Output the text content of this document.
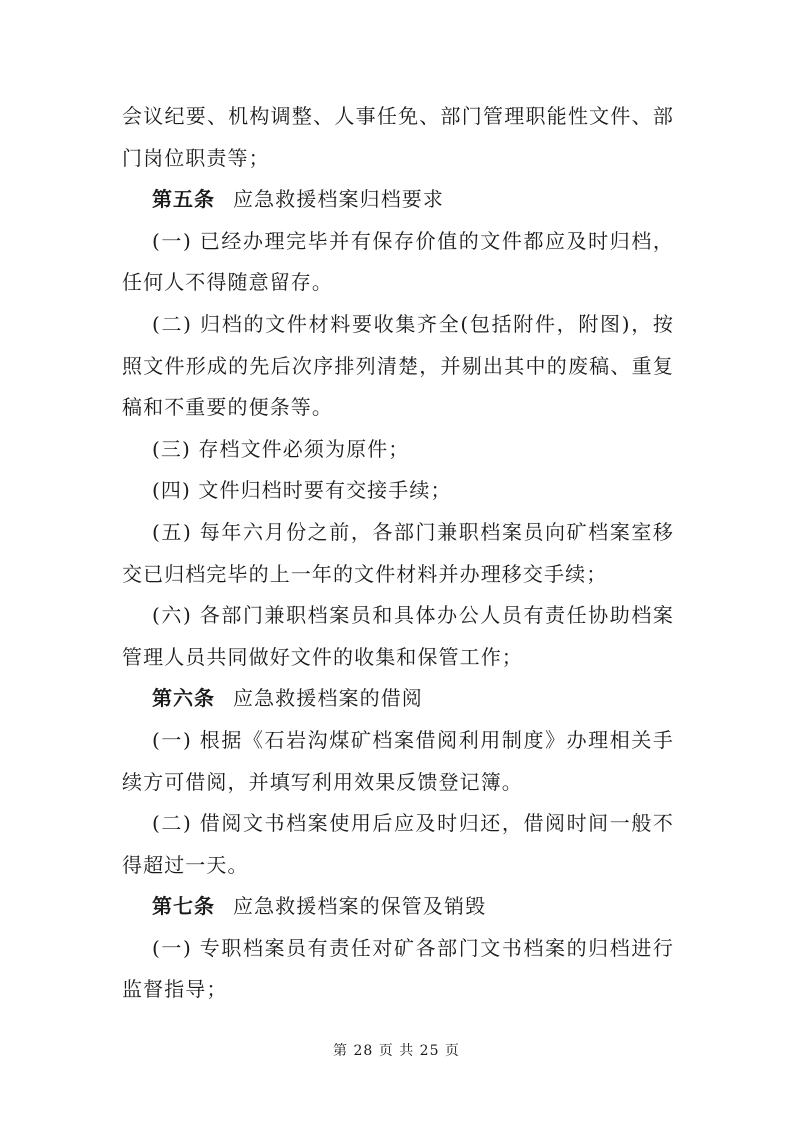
会议纪要、机构调整、人事任免、部门管理职能性文件、部
门岗位职责等；
第五条 应急救援档案归档要求
(一) 已经办理完毕并有保存价值的文件都应及时归档，
任何人不得随意留存。
(二) 归档的文件材料要收集齐全(包括附件，附图)，按
照文件形成的先后次序排列清楚，并剔出其中的废稿、重复
稿和不重要的便条等。
(三) 存档文件必须为原件；
(四) 文件归档时要有交接手续；
(五) 每年六月份之前，各部门兼职档案员向矿档案室移
交已归档完毕的上一年的文件材料并办理移交手续；
(六) 各部门兼职档案员和具体办公人员有责任协助档案
管理人员共同做好文件的收集和保管工作；
第六条 应急救援档案的借阅
(一) 根据《石岩沟煤矿档案借阅利用制度》办理相关手
续方可借阅，并填写利用效果反馈登记簿。
(二) 借阅文书档案使用后应及时归还，借阅时间一般不
得超过一天。
第七条 应急救援档案的保管及销毁
(一) 专职档案员有责任对矿各部门文书档案的归档进行
监督指导；
第 28 页 共 25 页
